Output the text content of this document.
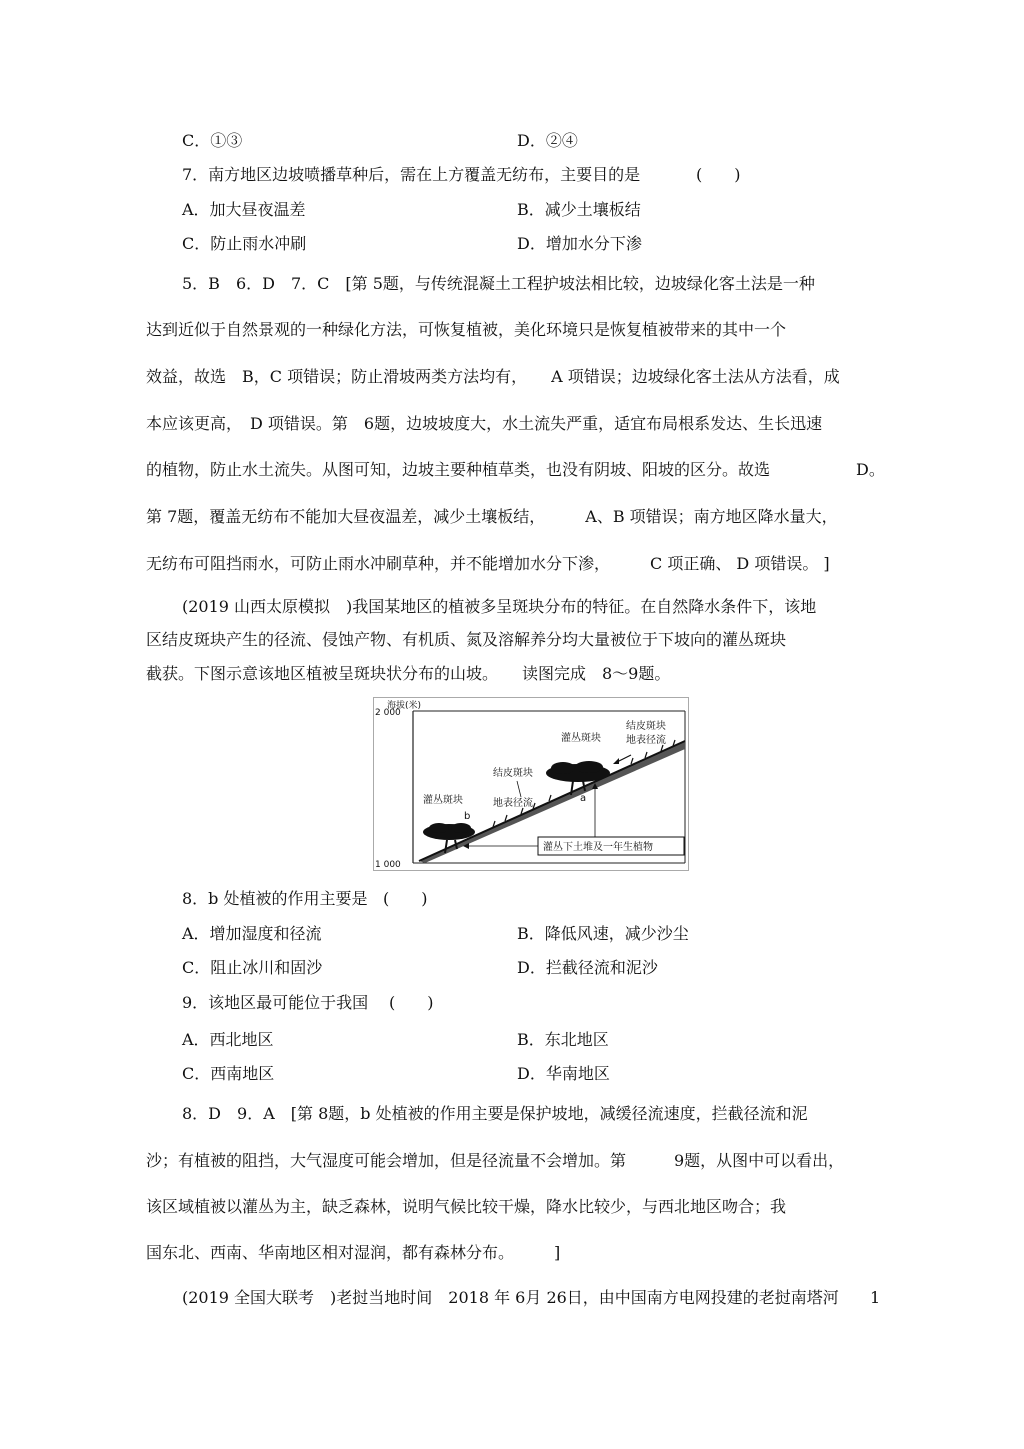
C．①③	D．②④
7．南方地区边坡喷播草种后，需在上方覆盖无纺布，主要目的是	(　　)
A．加大昼夜温差	B．减少土壤板结
C．防止雨水冲刷	D．增加水分下渗
5．B　6．D　7．C　[第 5题，与传统混凝土工程护坡法相比较，边坡绿化客土法是一种
达到近似于自然景观的一种绿化方法，可恢复植被，美化环境只是恢复植被带来的其中一个
效益，故选　B，C 项错误；防止滑坡两类方法均有，　　A 项错误；边坡绿化客土法从方法看，成
本应该更高，　D 项错误。第　6题，边坡坡度大，水土流失严重，适宜布局根系发达、生长迅速
的植物，防止水土流失。从图可知，边坡主要种植草类，也没有阴坡、阳坡的区分。故选	D。
第 7题，覆盖无纺布不能加大昼夜温差，减少土壤板结，　　　A、B 项错误；南方地区降水量大，
无纺布可阻挡雨水，可防止雨水冲刷草种，并不能增加水分下渗，　　　C 项正确、 D 项错误。 ]
(2019 山西太原模拟　)我国某地区的植被多呈斑块分布的特征。在自然降水条件下，该地
区结皮斑块产生的径流、侵蚀产物、有机质、氮及溶解养分均大量被位于下坡向的灌丛斑块
截获。下图示意该地区植被呈斑块状分布的山坡。　　读图完成　8～9题。
海拔(米)
2 000
1 000
灌丛斑块
b
结皮斑块
地表径流
灌丛斑块
a
结皮斑块
地表径流
灌丛下土堆及一年生植物
8．b 处植被的作用主要是 (　　)
A．增加湿度和径流	B．降低风速，减少沙尘
C．阻止冰川和固沙	D．拦截径流和泥沙
9．该地区最可能位于我国 (　　)
A．西北地区	B．东北地区
C．西南地区	D．华南地区
8．D　9．A　[第 8题，b 处植被的作用主要是保护坡地，减缓径流速度，拦截径流和泥
沙；有植被的阻挡，大气湿度可能会增加，但是径流量不会增加。第　　　9题，从图中可以看出，
该区域植被以灌丛为主，缺乏森林，说明气候比较干燥，降水比较少，与西北地区吻合；我
国东北、西南、华南地区相对湿润，都有森林分布。　　　]
(2019 全国大联考　)老挝当地时间　2018 年 6月 26日，由中国南方电网投建的老挝南塔河 1
